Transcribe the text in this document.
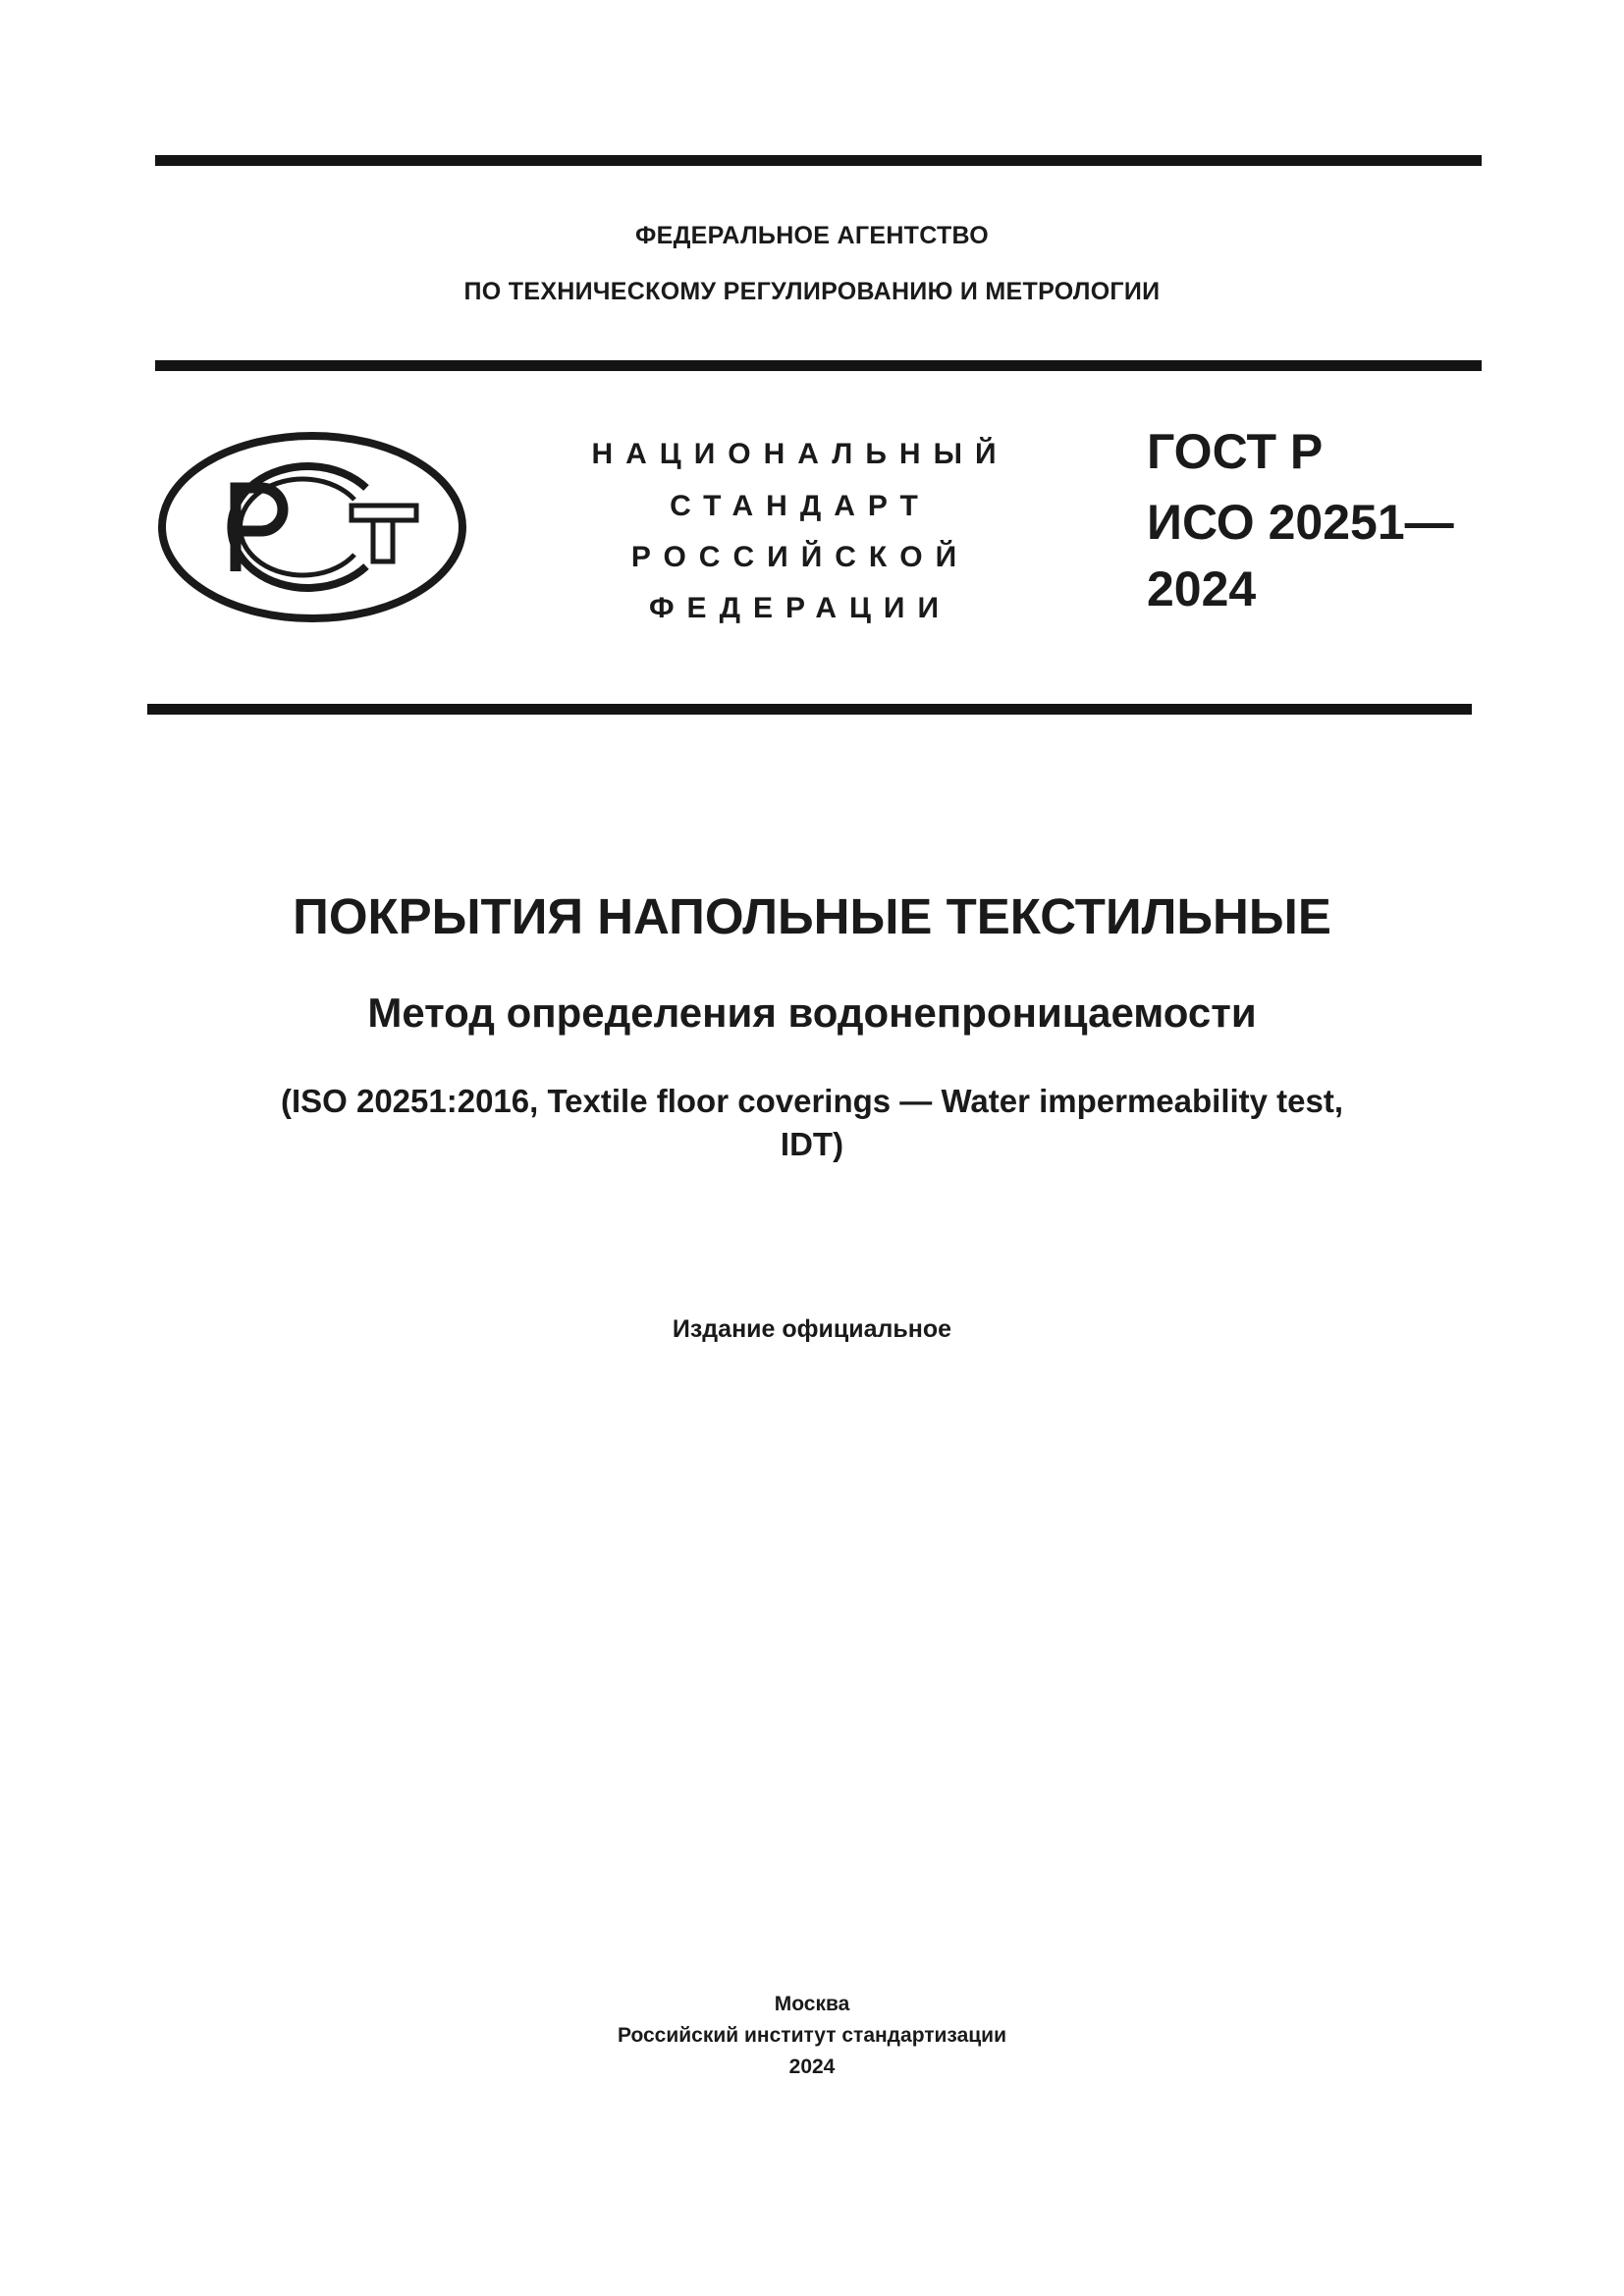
ФЕДЕРАЛЬНОЕ АГЕНТСТВО
ПО ТЕХНИЧЕСКОМУ РЕГУЛИРОВАНИЮ И МЕТРОЛОГИИ
НАЦИОНАЛЬНЫЙ
СТАНДАРТ
РОССИЙСКОЙ
ФЕДЕРАЦИИ
ГОСТ Р
ИСО 20251—
2024
ПОКРЫТИЯ НАПОЛЬНЫЕ ТЕКСТИЛЬНЫЕ
Метод определения водонепроницаемости
(ISO 20251:2016, Textile floor coverings — Water impermeability test,
IDT)
Издание официальное
Москва
Российский институт стандартизации
2024
